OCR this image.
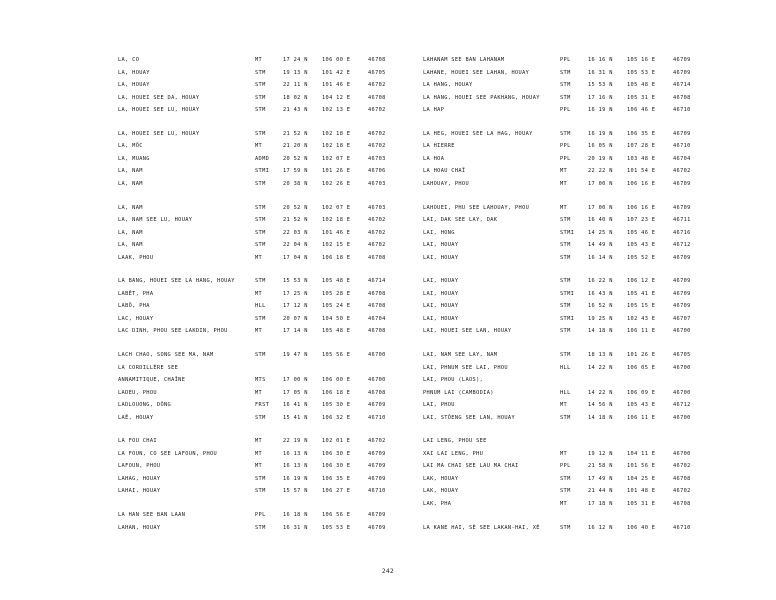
LA, CO	MT	17 24 N	106 00 E	46708
LA, HOUAY	STM	19 13 N	101 42 E	46705
LA, HOUAY	STM	22 11 N	101 46 E	46702
LA, HOUEI SEE DA, HOUAY	STM	18 02 N	104 12 E	46708
LA, HOUEI SEE LU, HOUAY	STM	21 43 N	102 13 E	46702
LA, HOUEI SEE LU, HOUAY	STM	21 52 N	102 18 E	46702
LA, MÔC	MT	21 20 N	102 18 E	46702
LA, MUANG	ADMD	20 52 N	102 07 E	46703
LA, NAM	STMI	17 59 N	101 26 E	46706
LA, NAM	STM	20 38 N	102 26 E	46703
LA, NAM	STM	20 52 N	102 07 E	46703
LA, NAM SEE LU, HOUAY	STM	21 52 N	102 18 E	46702
LA, NAM	STM	22 03 N	101 46 E	46702
LA, NAM	STM	22 04 N	102 15 E	46702
LAAK, PHOU	MT	17 04 N	106 18 E	46708
LA BANG, HOUEI SEE LA HANG, HOUAY	STM	15 53 N	105 48 E	46714
LABÊT, PHA	MT	17 25 N	105 28 E	46708
LABÔ, PHA	HLL	17 12 N	105 24 E	46708
LAC, HOUAY	STM	20 07 N	104 50 E	46704
LAC DINH, PHOU SEE LAKDIN, PHOU	MT	17 14 N	105 48 E	46708
LACH CHAO, SONG SEE MA, NAM	STM	19 47 N	105 56 E	46700
LA CORDILLÈRE SEE
ANNAMITIQUE, CHAÎNE	MTS	17 00 N	106 00 E	46700
LADEU, PHOU	MT	17 05 N	106 18 E	46708
LADLOUONG, DÔNG	FRST	16 41 N	105 30 E	46709
LAÊ, HOUAY	STM	15 41 N	106 32 E	46710
LA FOU CHAI	MT	22 19 N	102 01 E	46702
LA FOUN, CO SEE LAFOUN, PHOU	MT	16 13 N	106 30 E	46709
LAFOUN, PHOU	MT	16 13 N	106 30 E	46709
LAHAG, HOUAY	STM	16 19 N	106 35 E	46709
LAHAI, HOUAY	STM	15 57 N	106 27 E	46710
LA HAN SEE BAN LAAN	PPL	16 18 N	106 56 E	46709
LAHAN, HOUAY	STM	16 31 N	105 53 E	46709
LAHANAM SEE BAN LAHANAM	PPL	16 16 N	105 16 E	46709
LAHANE, HOUEI SEE LAHAN, HOUAY	STM	16 31 N	105 53 E	46709
LA HANG, HOUAY	STM	15 53 N	105 48 E	46714
LA HANG, HOUEI SEE PAKHANG, HOUAY	STM	17 16 N	105 31 E	46708
LA HAP	PPL	16 19 N	106 46 E	46710
LA HEG, HOUEI SEE LA HAG, HOUAY	STM	16 19 N	106 35 E	46709
LA HIERRE	PPL	16 05 N	107 28 E	46710
LA HOA	PPL	20 19 N	103 48 E	46704
LA HOAU CHAÏ	MT	22 22 N	101 54 E	46702
LAHOUAY, PHOU	MT	17 00 N	106 16 E	46709
LAHOUEI, PHU SEE LAHOUAY, PHOU	MT	17 00 N	106 16 E	46709
LAI, DAK SEE LAY, DAK	STM	16 40 N	107 23 E	46711
LAI, HONG	STMI	14 25 N	105 46 E	46716
LAI, HOUAY	STM	14 49 N	105 43 E	46712
LAI, HOUAY	STM	16 14 N	105 52 E	46709
LAI, HOUAY	STM	16 22 N	106 12 E	46709
LAI, HOUAY	STMI	16 43 N	105 41 E	46709
LAI, HOUAY	STM	16 52 N	105 15 E	46709
LAI, HOUAY	STMI	19 25 N	102 43 E	46707
LAI, HOUEI SEE LAN, HOUAY	STM	14 18 N	106 11 E	46700
LAI, NAM SEE LAY, NAM	STM	18 13 N	101 26 E	46705
LAI, PHNUM SEE LAI, PHOU	HLL	14 22 N	106 05 E	46700
LAI, PHOU (LAOS),
PHNUM LAI (CAMBODIA)	HLL	14 22 N	106 09 E	46700
LAI, PHOU	MT	14 56 N	105 43 E	46712
LAI, STÔENG SEE LAN, HOUAY	STM	14 18 N	106 11 E	46700
LAI LENG, PHOU SEE
XAI LAI LENG, PHU	MT	19 12 N	104 11 E	46700
LAI MA CHAI SEE LAU MA CHAI	PPL	21 58 N	101 56 E	46702
LAK, HOUAY	STM	17 49 N	104 25 E	46708
LAK, HOUAY	STM	21 44 N	101 48 E	46702
LAK, PHA	MT	17 18 N	105 31 E	46708
LA KANE HAI, SÉ SEE LAKAN-HAI, XÉ	STM	16 12 N	106 40 E	46710
242
